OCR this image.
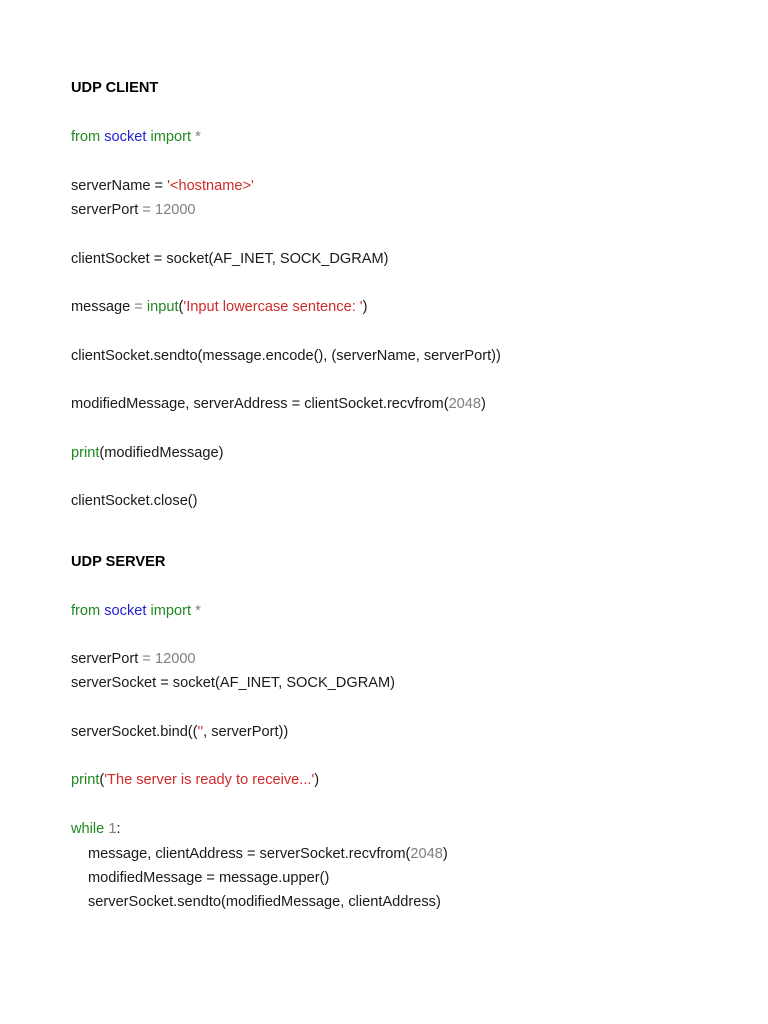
UDP CLIENT
from socket import *
serverName = '<hostname>'
serverPort = 12000
clientSocket = socket(AF_INET, SOCK_DGRAM)
message = input('Input lowercase sentence: ')
clientSocket.sendto(message.encode(), (serverName, serverPort))
modifiedMessage, serverAddress = clientSocket.recvfrom(2048)
print(modifiedMessage)
clientSocket.close()
UDP SERVER
from socket import *
serverPort = 12000
serverSocket = socket(AF_INET, SOCK_DGRAM)
serverSocket.bind(('', serverPort))
print('The server is ready to receive...')
while 1:
message, clientAddress = serverSocket.recvfrom(2048)
modifiedMessage = message.upper()
serverSocket.sendto(modifiedMessage, clientAddress)
